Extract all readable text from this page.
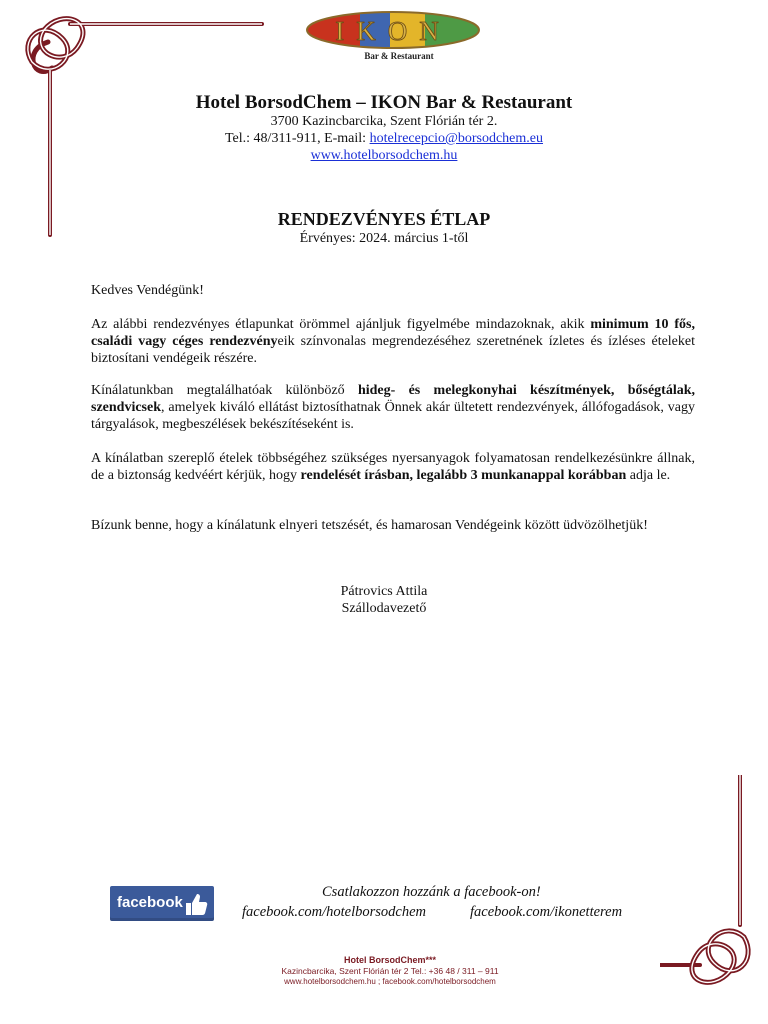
IKON
Bar & Restaurant
Hotel BorsodChem – IKON Bar & Restaurant
3700 Kazincbarcika, Szent Flórián tér 2.
Tel.: 48/311-911, E-mail: hotelrecepcio@borsodchem.eu
www.hotelborsodchem.hu
RENDEZVÉNYES ÉTLAP
Érvényes: 2024. március 1-től
Kedves Vendégünk!
Az alábbi rendezvényes étlapunkat örömmel ajánljuk figyelmébe mindazoknak, akik minimum 10 fős, családi vagy céges rendezvényeik színvonalas megrendezéséhez szeretnének ízletes és ízléses ételeket biztosítani vendégeik részére.
Kínálatunkban megtalálhatóak különböző hideg- és melegkonyhai készítmények, bőségtálak, szendvicsek, amelyek kiváló ellátást biztosíthatnak Önnek akár ültetett rendezvények, állófogadások, vagy tárgyalások, megbeszélések bekészítéseként is.
A kínálatban szereplő ételek többségéhez szükséges nyersanyagok folyamatosan rendelkezésünkre állnak, de a biztonság kedvéért kérjük, hogy rendelését írásban, legalább 3 munkanappal korábban adja le.
Bízunk benne, hogy a kínálatunk elnyeri tetszését, és hamarosan Vendégeink között üdvözölhetjük!
Pátrovics Attila
Szállodavezető
facebook
Csatlakozzon hozzánk a facebook-on!
facebook.com/hotelborsodchem	facebook.com/ikonetterem
Hotel BorsodChem***
Kazincbarcika, Szent Flórián tér 2 Tel.: +36 48 / 311 – 911
www.hotelborsodchem.hu ; facebook.com/hotelborsodchem
